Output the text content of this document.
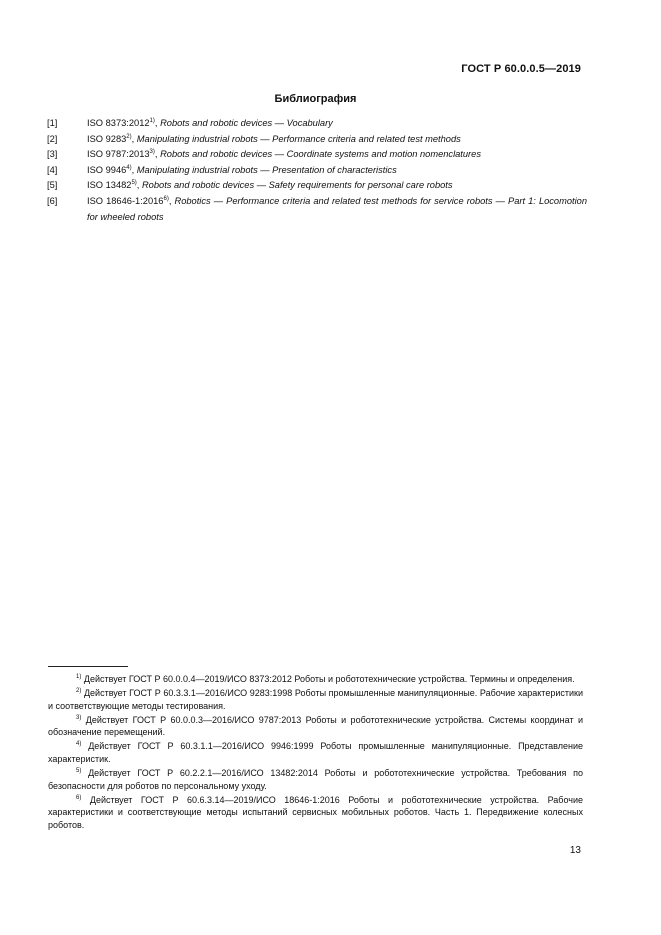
ГОСТ Р 60.0.0.5—2019
Библиография
[1]	ISO 8373:2012$^{1)}$, Robots and robotic devices — Vocabulary
[2]	ISO 9283$^{2)}$, Manipulating industrial robots — Performance criteria and related test methods
[3]	ISO 9787:2013$^{3)}$, Robots and robotic devices — Coordinate systems and motion nomenclatures
[4]	ISO 9946$^{4)}$, Manipulating industrial robots — Presentation of characteristics
[5]	ISO 13482$^{5)}$, Robots and robotic devices — Safety requirements for personal care robots
[6]	ISO 18646-1:2016$^{6)}$, Robotics — Performance criteria and related test methods for service robots — Part 1: Locomotion for wheeled robots
$^{1)}$ Действует ГОСТ Р 60.0.0.4—2019/ИСО 8373:2012 Роботы и робототехнические устройства. Термины и определения.
$^{2)}$ Действует ГОСТ Р 60.3.3.1—2016/ИСО 9283:1998 Роботы промышленные манипуляционные. Рабочие характеристики и соответствующие методы тестирования.
$^{3)}$ Действует ГОСТ Р 60.0.0.3—2016/ИСО 9787:2013 Роботы и робототехнические устройства. Системы координат и обозначение перемещений.
$^{4)}$ Действует ГОСТ Р 60.3.1.1—2016/ИСО 9946:1999 Роботы промышленные манипуляционные. Представление характеристик.
$^{5)}$ Действует ГОСТ Р 60.2.2.1—2016/ИСО 13482:2014 Роботы и робототехнические устройства. Требования по безопасности для роботов по персональному уходу.
$^{6)}$ Действует ГОСТ Р 60.6.3.14—2019/ИСО 18646-1:2016 Роботы и робототехнические устройства. Рабочие характеристики и соответствующие методы испытаний сервисных мобильных роботов. Часть 1. Передвижение колесных роботов.
13
